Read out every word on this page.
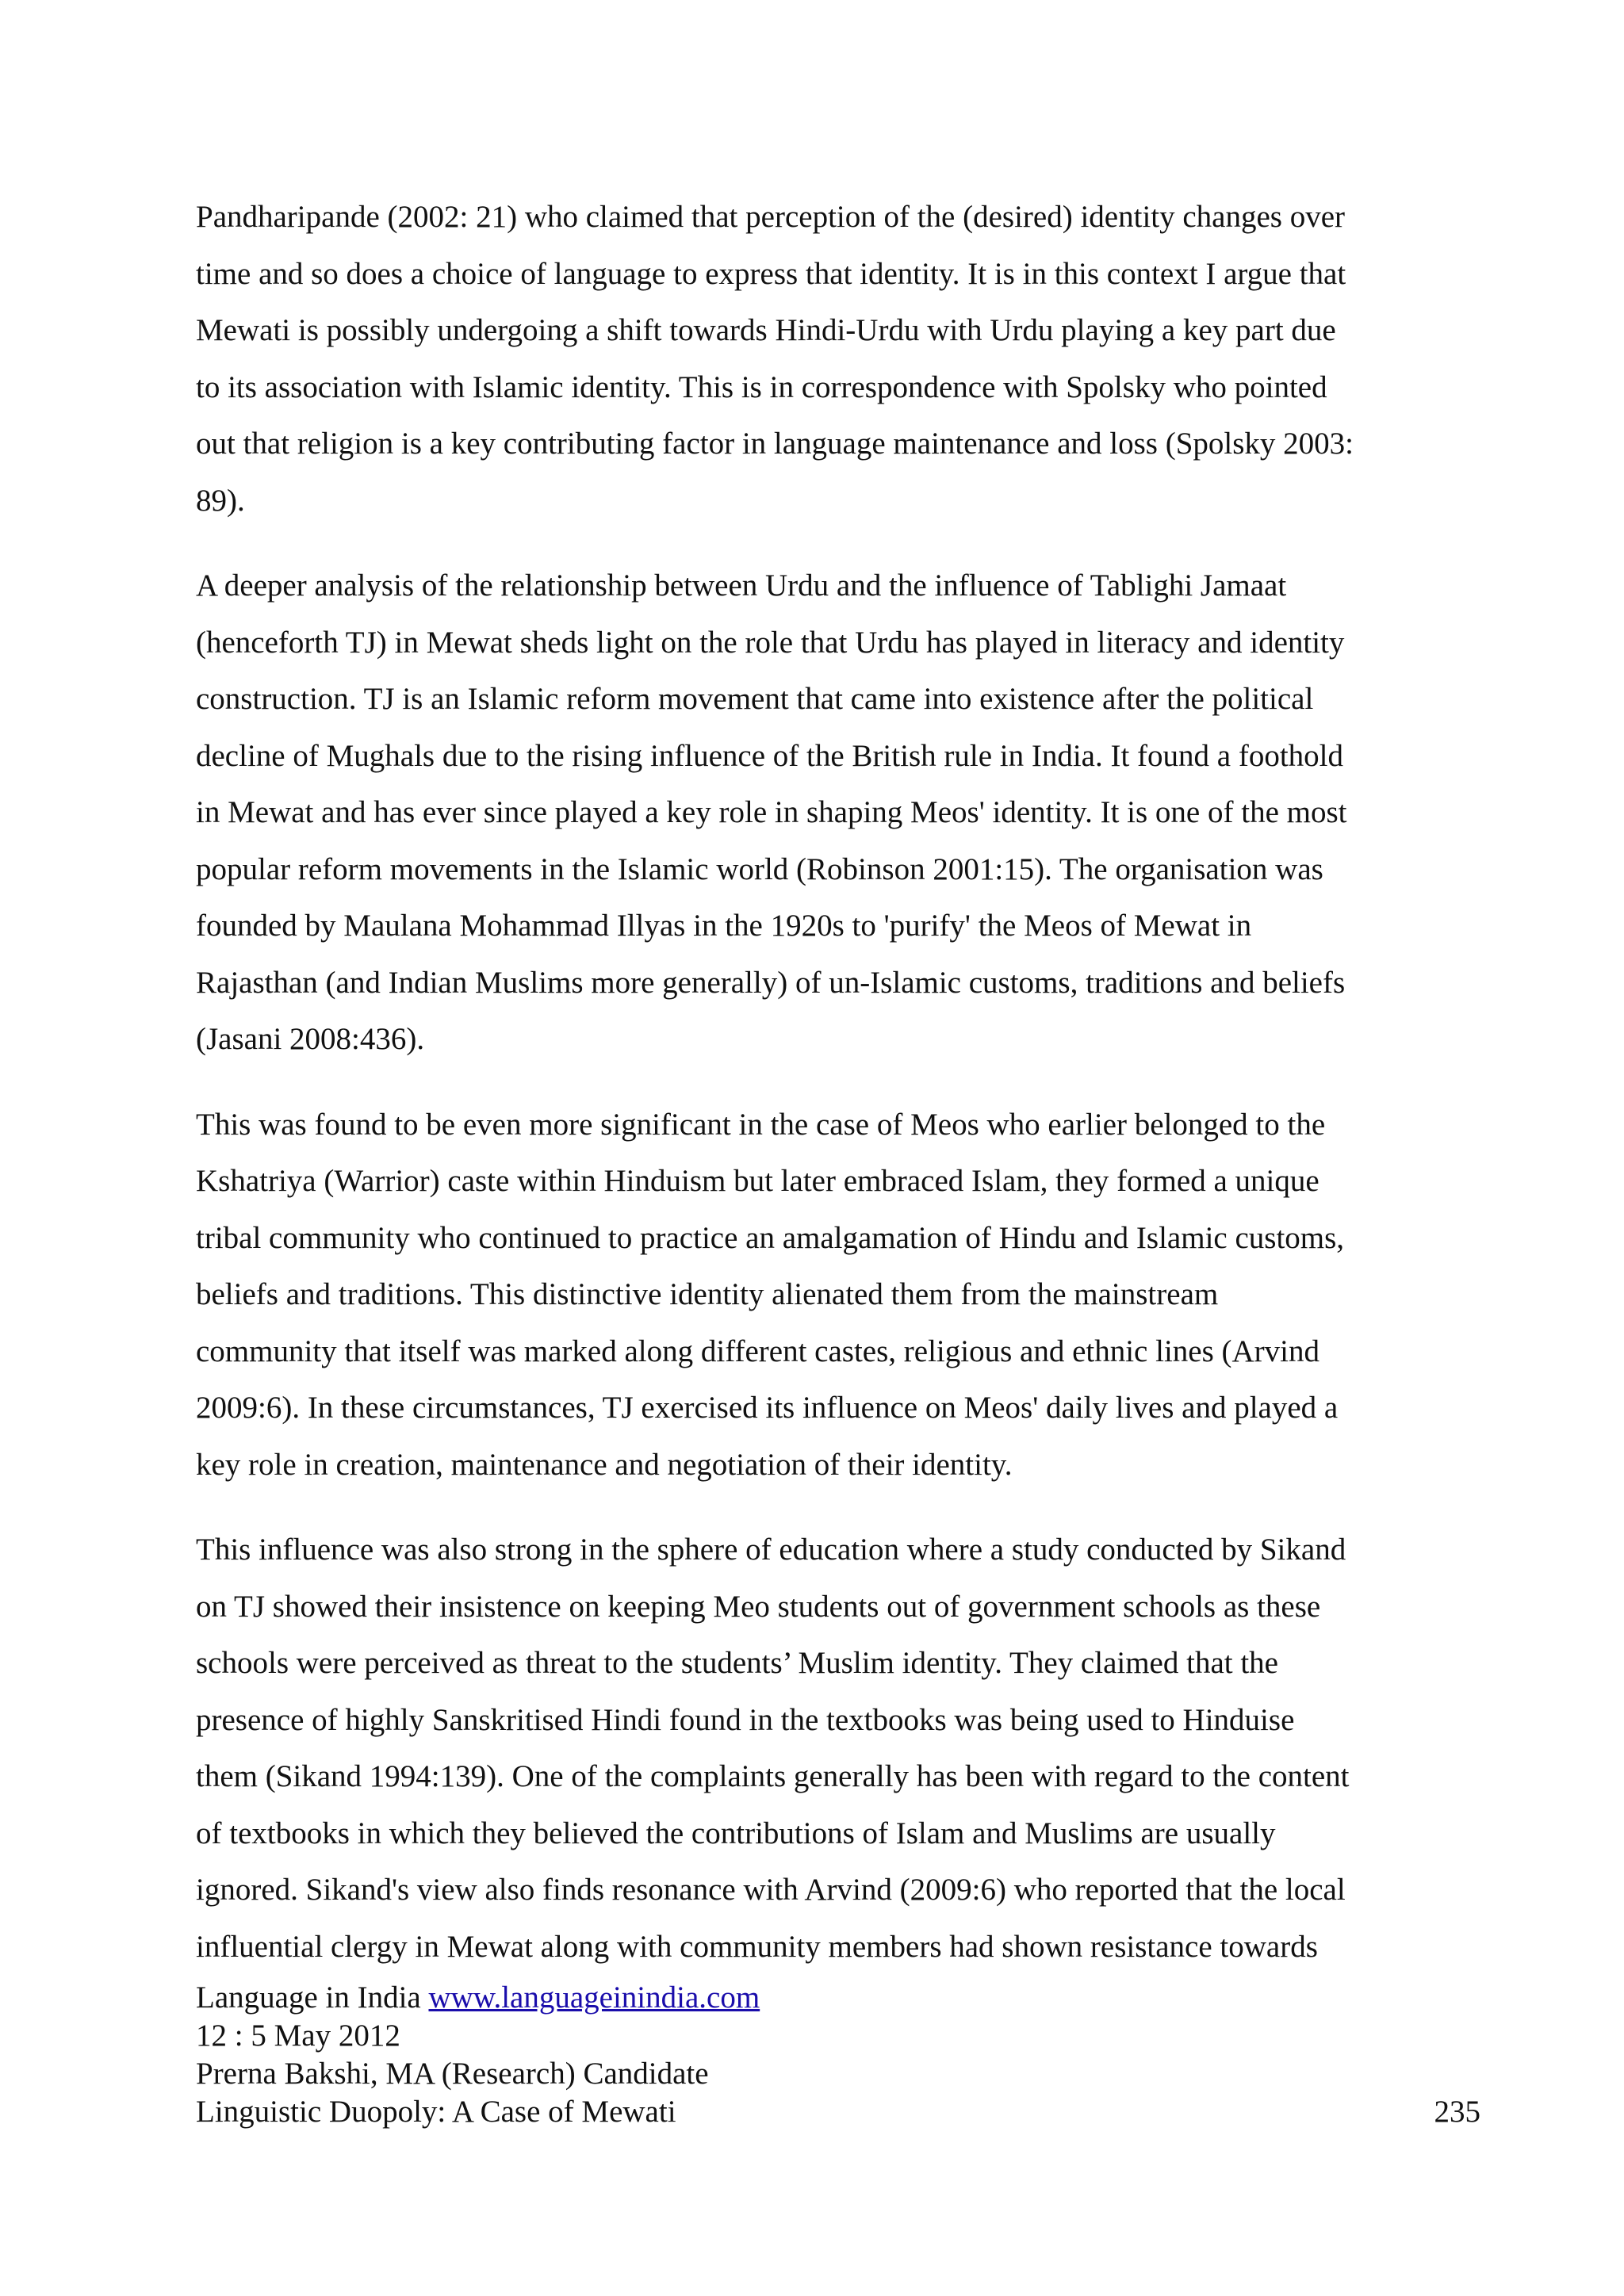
Pandharipande (2002: 21) who claimed that perception of the (desired) identity changes over
time and so does a choice of language to express that identity. It is in this context I argue that
Mewati is possibly undergoing a shift towards Hindi-Urdu with Urdu playing a key part due
to its association with Islamic identity. This is in correspondence with Spolsky who pointed
out that religion is a key contributing factor in language maintenance and loss (Spolsky 2003:
89).

A deeper analysis of the relationship between Urdu and the influence of Tablighi Jamaat
(henceforth TJ) in Mewat sheds light on the role that Urdu has played in literacy and identity
construction. TJ is an Islamic reform movement that came into existence after the political
decline of Mughals due to the rising influence of the British rule in India. It found a foothold
in Mewat and has ever since played a key role in shaping Meos' identity. It is one of the most
popular reform movements in the Islamic world (Robinson 2001:15). The organisation was
founded by Maulana Mohammad Illyas in the 1920s to 'purify' the Meos of Mewat in
Rajasthan (and Indian Muslims more generally) of un-Islamic customs, traditions and beliefs
(Jasani 2008:436).

This was found to be even more significant in the case of Meos who earlier belonged to the
Kshatriya (Warrior) caste within Hinduism but later embraced Islam, they formed a unique
tribal community who continued to practice an amalgamation of Hindu and Islamic customs,
beliefs and traditions. This distinctive identity alienated them from the mainstream
community that itself was marked along different castes, religious and ethnic lines (Arvind
2009:6). In these circumstances, TJ exercised its influence on Meos' daily lives and played a
key role in creation, maintenance and negotiation of their identity.

This influence was also strong in the sphere of education where a study conducted by Sikand
on TJ showed their insistence on keeping Meo students out of government schools as these
schools were perceived as threat to the students’ Muslim identity. They claimed that the
presence of highly Sanskritised Hindi found in the textbooks was being used to Hinduise
them (Sikand 1994:139). One of the complaints generally has been with regard to the content
of textbooks in which they believed the contributions of Islam and Muslims are usually
ignored. Sikand's view also finds resonance with Arvind (2009:6) who reported that the local
influential clergy in Mewat along with community members had shown resistance towards

Language in India www.languageinindia.com
12 : 5 May 2012
Prerna Bakshi, MA (Research) Candidate
Linguistic Duopoly: A Case of Mewati	235
